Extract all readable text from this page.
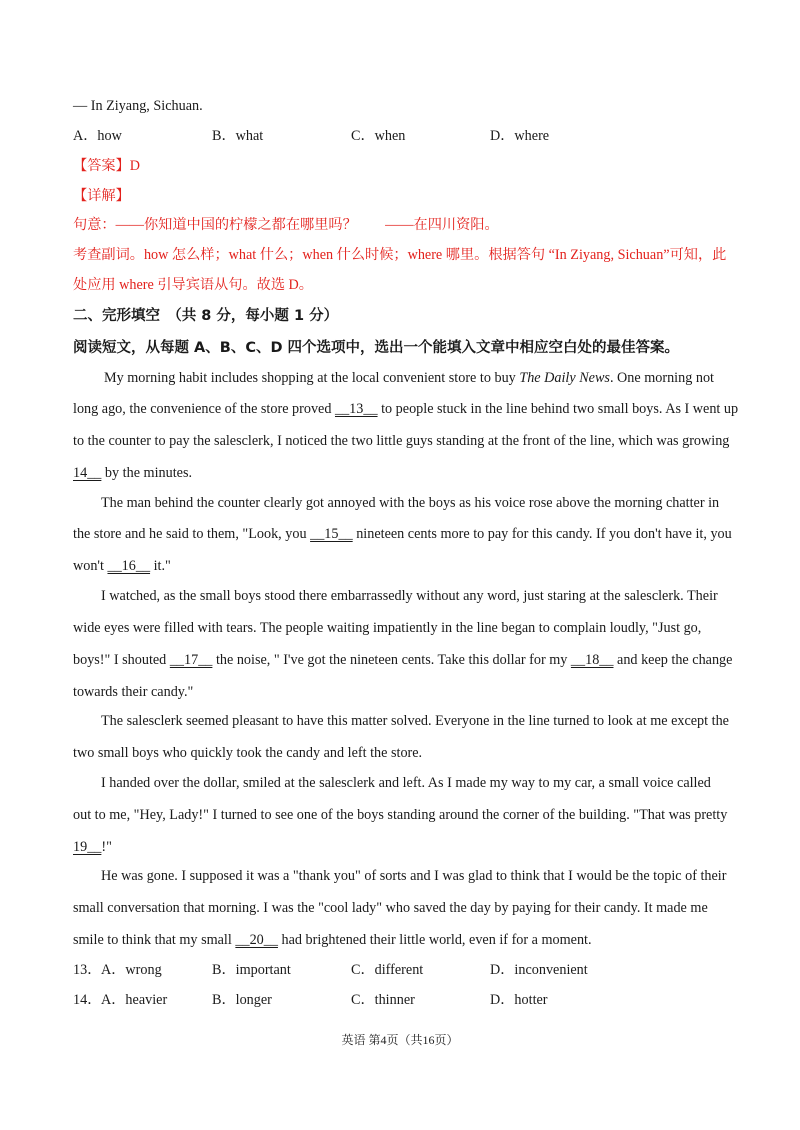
— In Ziyang, Sichuan.
A．how	B．what	C．when	D．where
【答案】D
【详解】
句意：——你知道中国的柠檬之都在哪里吗？　　——在四川资阳。
考查副词。how 怎么样；what 什么；when 什么时候；where 哪里。根据答句 “In Ziyang, Sichuan”可知，此
处应用 where 引导宾语从句。故选 D。
二、完形填空　（共 8 分，每小题 1 分）
阅读短文，从每题 A、B、C、D 四个选项中，选出一个能填入文章中相应空白处的最佳答案。
My morning habit includes shopping at the local convenient store to buy The Daily News. One morning not
long ago, the convenience of the store proved __13__ to people stuck in the line behind two small boys. As I went up
to the counter to pay the salesclerk, I noticed the two little guys standing at the front of the line, which was growing
14__ by the minutes.
The man behind the counter clearly got annoyed with the boys as his voice rose above the morning chatter in
the store and he said to them, "Look, you __15__ nineteen cents more to pay for this candy. If you don't have it, you
won't __16__ it."
I watched, as the small boys stood there embarrassedly without any word, just staring at the salesclerk. Their
wide eyes were filled with tears. The people waiting impatiently in the line began to complain loudly, "Just go,
boys!" I shouted __17__ the noise, " I've got the nineteen cents. Take this dollar for my __18__ and keep the change
towards their candy."
The salesclerk seemed pleasant to have this matter solved. Everyone in the line turned to look at me except the
two small boys who quickly took the candy and left the store.
I handed over the dollar, smiled at the salesclerk and left. As I made my way to my car, a small voice called
out to me, "Hey, Lady!" I turned to see one of the boys standing around the corner of the building. "That was pretty
19__!"
He was gone. I supposed it was a "thank you" of sorts and I was glad to think that I would be the topic of their
small conversation that morning. I was the "cool lady" who saved the day by paying for their candy. It made me
smile to think that my small __20__ had brightened their little world, even if for a moment.
13． A．wrong	B．important	C．different	D．inconvenient
14． A．heavier	B．longer	C．thinner	D．hotter
英语 第4页（共16页）
